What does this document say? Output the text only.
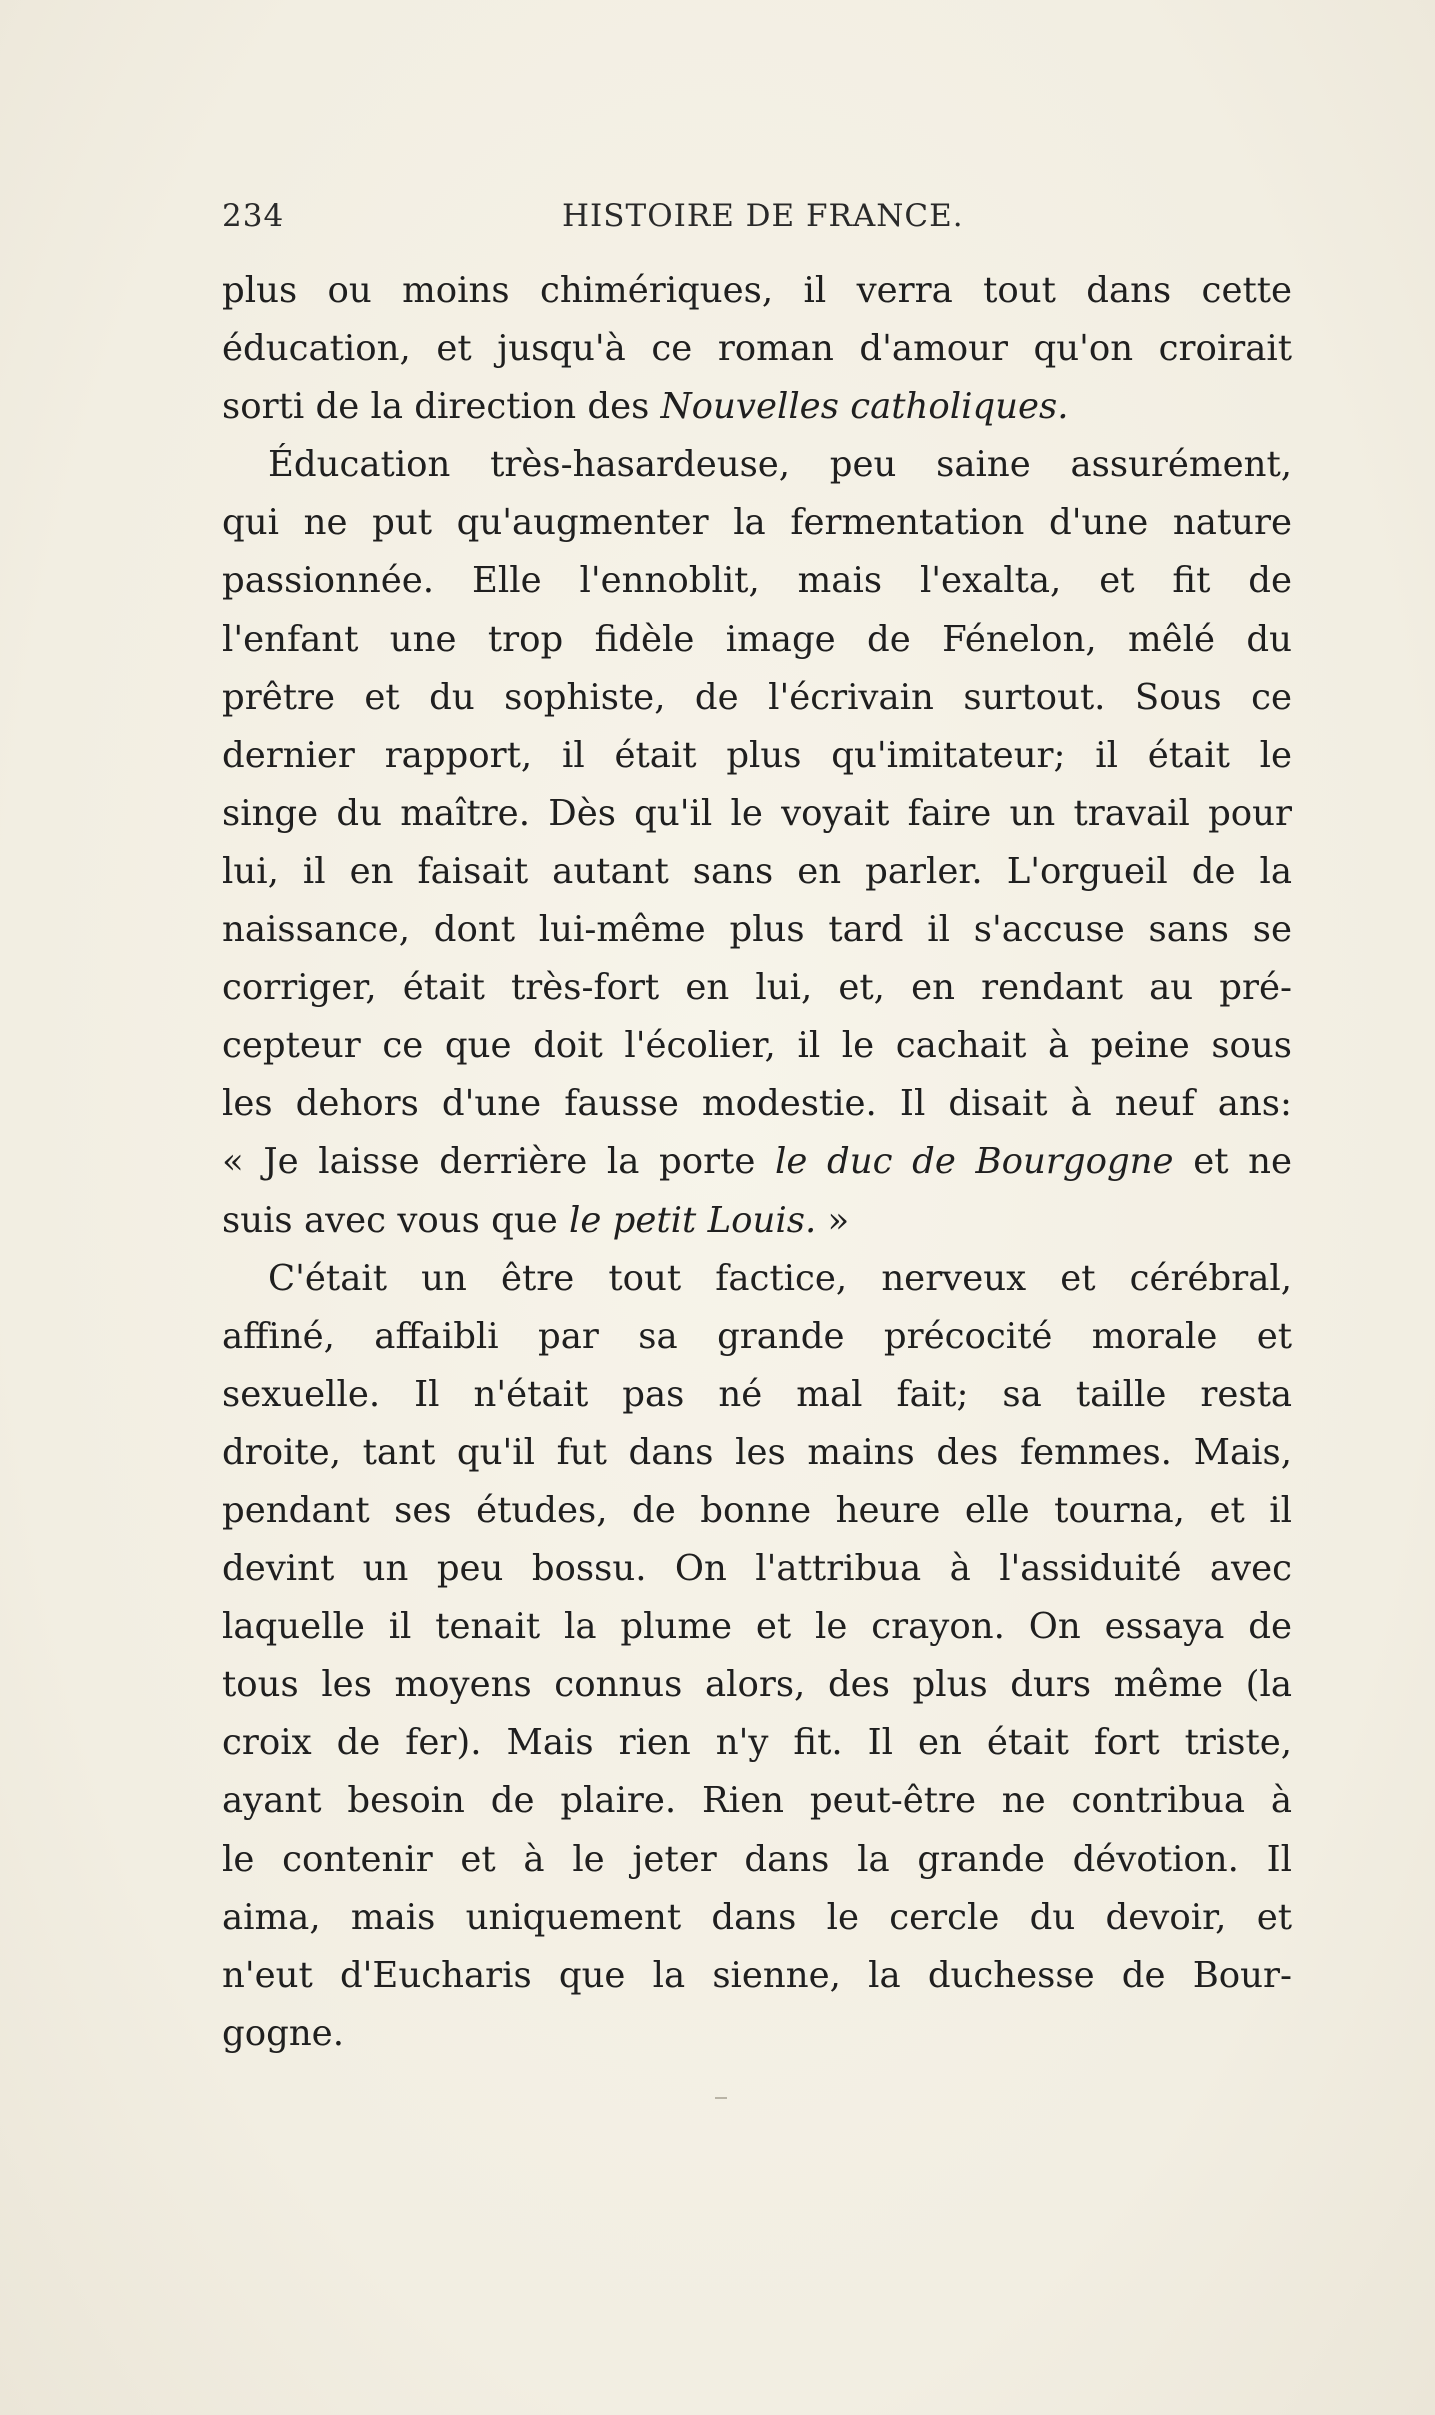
234	HISTOIRE DE FRANCE.
plus ou moins chimériques, il verra tout dans cette
éducation, et jusqu'à ce roman d'amour qu'on croirait
sorti de la direction des Nouvelles catholiques.
Éducation très-hasardeuse, peu saine assurément,
qui ne put qu'augmenter la fermentation d'une nature
passionnée. Elle l'ennoblit, mais l'exalta, et fit de
l'enfant une trop fidèle image de Fénelon, mêlé du
prêtre et du sophiste, de l'écrivain surtout. Sous ce
dernier rapport, il était plus qu'imitateur; il était le
singe du maître. Dès qu'il le voyait faire un travail pour
lui, il en faisait autant sans en parler. L'orgueil de la
naissance, dont lui-même plus tard il s'accuse sans se
corriger, était très-fort en lui, et, en rendant au pré-
cepteur ce que doit l'écolier, il le cachait à peine sous
les dehors d'une fausse modestie. Il disait à neuf ans:
« Je laisse derrière la porte le duc de Bourgogne et ne
suis avec vous que le petit Louis. »
C'était un être tout factice, nerveux et cérébral,
affiné, affaibli par sa grande précocité morale et
sexuelle. Il n'était pas né mal fait; sa taille resta
droite, tant qu'il fut dans les mains des femmes. Mais,
pendant ses études, de bonne heure elle tourna, et il
devint un peu bossu. On l'attribua à l'assiduité avec
laquelle il tenait la plume et le crayon. On essaya de
tous les moyens connus alors, des plus durs même (la
croix de fer). Mais rien n'y fit. Il en était fort triste,
ayant besoin de plaire. Rien peut-être ne contribua à
le contenir et à le jeter dans la grande dévotion. Il
aima, mais uniquement dans le cercle du devoir, et
n'eut d'Eucharis que la sienne, la duchesse de Bour-
gogne.
